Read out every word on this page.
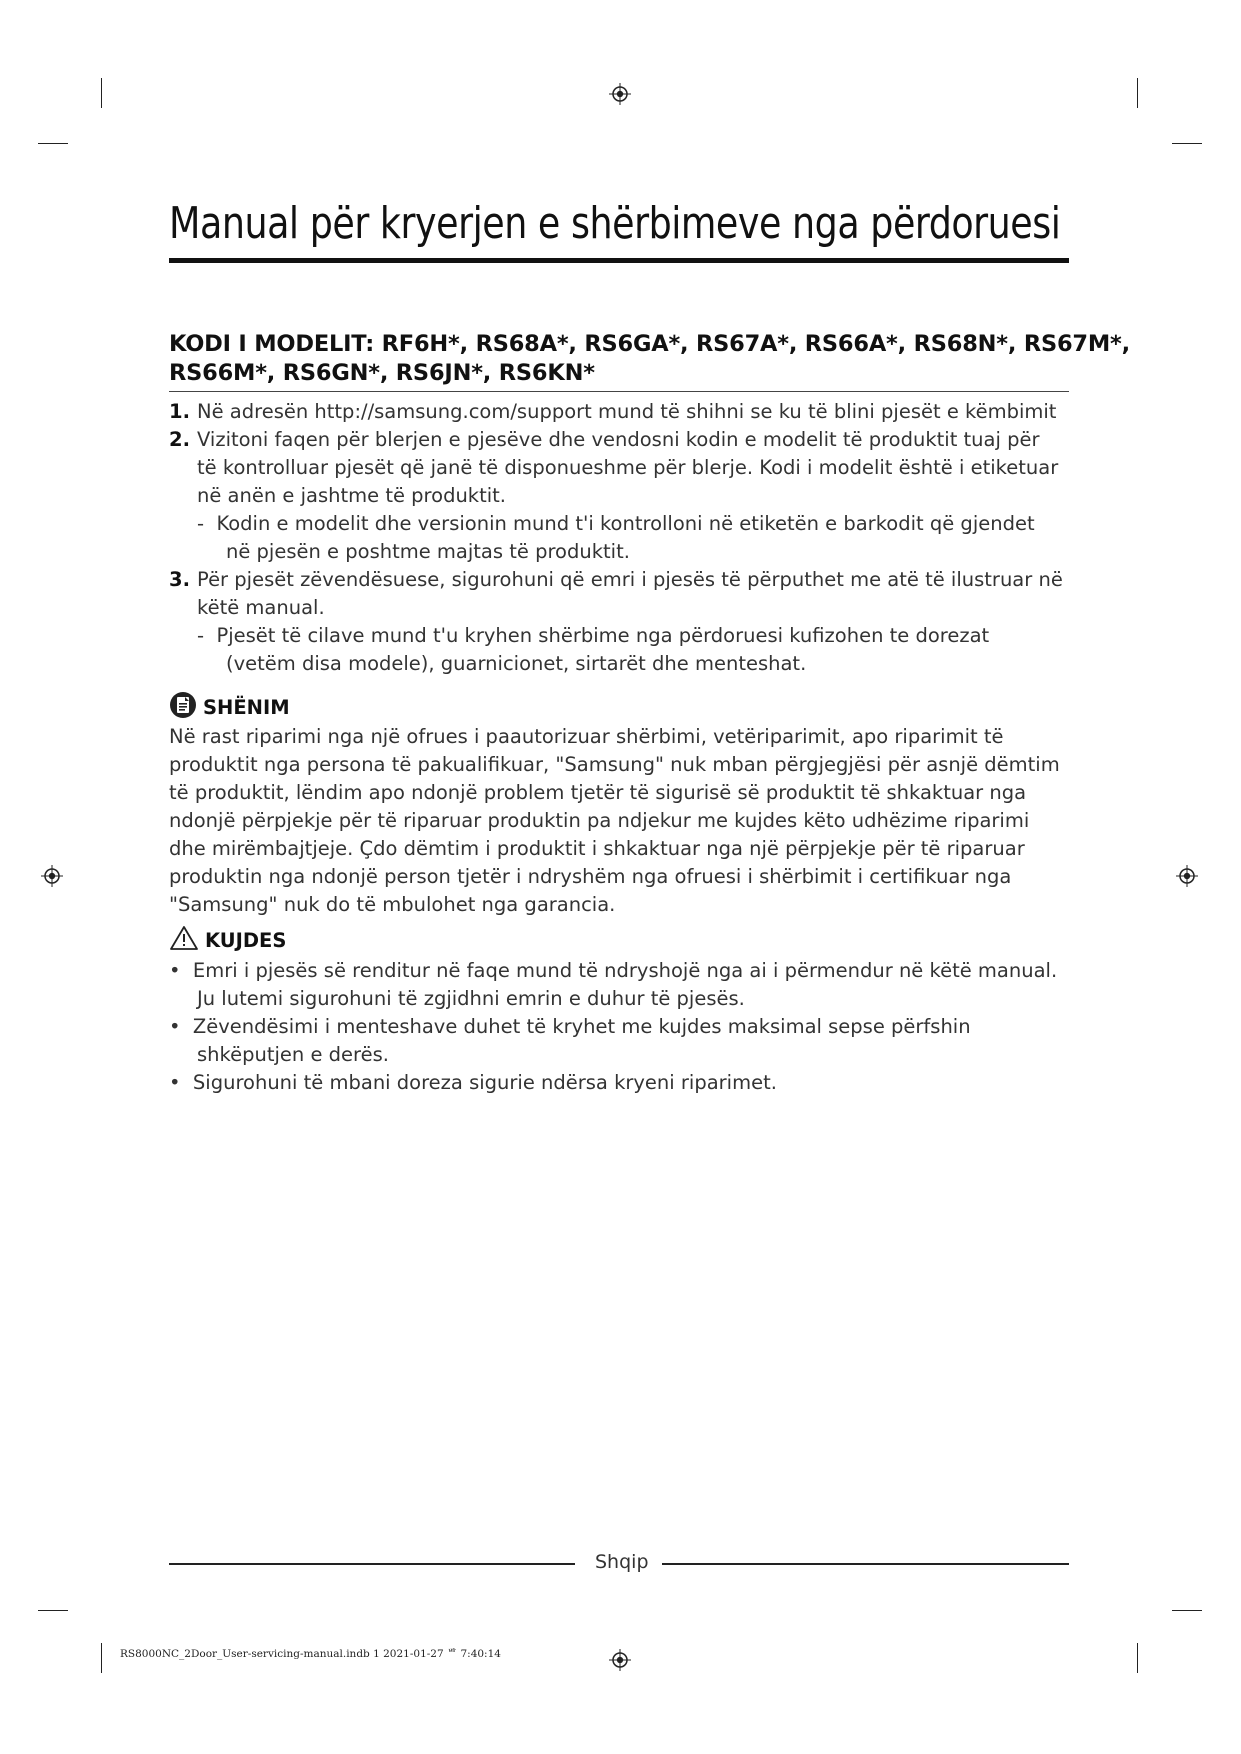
Manual për kryerjen e shërbimeve nga përdoruesi
KODI I MODELIT: RF6H*, RS68A*, RS6GA*, RS67A*, RS66A*, RS68N*, RS67M*,
RS66M*, RS6GN*, RS6JN*, RS6KN*
1. Në adresën http://samsung.com/support mund të shihni se ku të blini pjesët e këmbimit
2. Vizitoni faqen për blerjen e pjesëve dhe vendosni kodin e modelit të produktit tuaj për
të kontrolluar pjesët që janë të disponueshme për blerje. Kodi i modelit është i etiketuar
në anën e jashtme të produktit.
-  Kodin e modelit dhe versionin mund t'i kontrolloni në etiketën e barkodit që gjendet
në pjesën e poshtme majtas të produktit.
3. Për pjesët zëvendësuese, sigurohuni që emri i pjesës të përputhet me atë të ilustruar në
këtë manual.
-  Pjesët të cilave mund t'u kryhen shërbime nga përdoruesi kufizohen te dorezat
(vetëm disa modele), guarnicionet, sirtarët dhe menteshat.
SHËNIM
Në rast riparimi nga një ofrues i paautorizuar shërbimi, vetëriparimit, apo riparimit të
produktit nga persona të pakualifikuar, "Samsung" nuk mban përgjegjësi për asnjë dëmtim
të produktit, lëndim apo ndonjë problem tjetër të sigurisë së produktit të shkaktuar nga
ndonjë përpjekje për të riparuar produktin pa ndjekur me kujdes këto udhëzime riparimi
dhe mirëmbajtjeje. Çdo dëmtim i produktit i shkaktuar nga një përpjekje për të riparuar
produktin nga ndonjë person tjetër i ndryshëm nga ofruesi i shërbimit i certifikuar nga
"Samsung" nuk do të mbulohet nga garancia.
KUJDES
•  Emri i pjesës së renditur në faqe mund të ndryshojë nga ai i përmendur në këtë manual.
Ju lutemi sigurohuni të zgjidhni emrin e duhur të pjesës.
•  Zëvendësimi i menteshave duhet të kryhet me kujdes maksimal sepse përfshin
shkëputjen e derës.
•  Sigurohuni të mbani doreza sigurie ndërsa kryeni riparimet.
Shqip
RS8000NC_2Door_User-servicing-manual.indb 1 2021-01-27 ᄇᄒ 7:40:14
